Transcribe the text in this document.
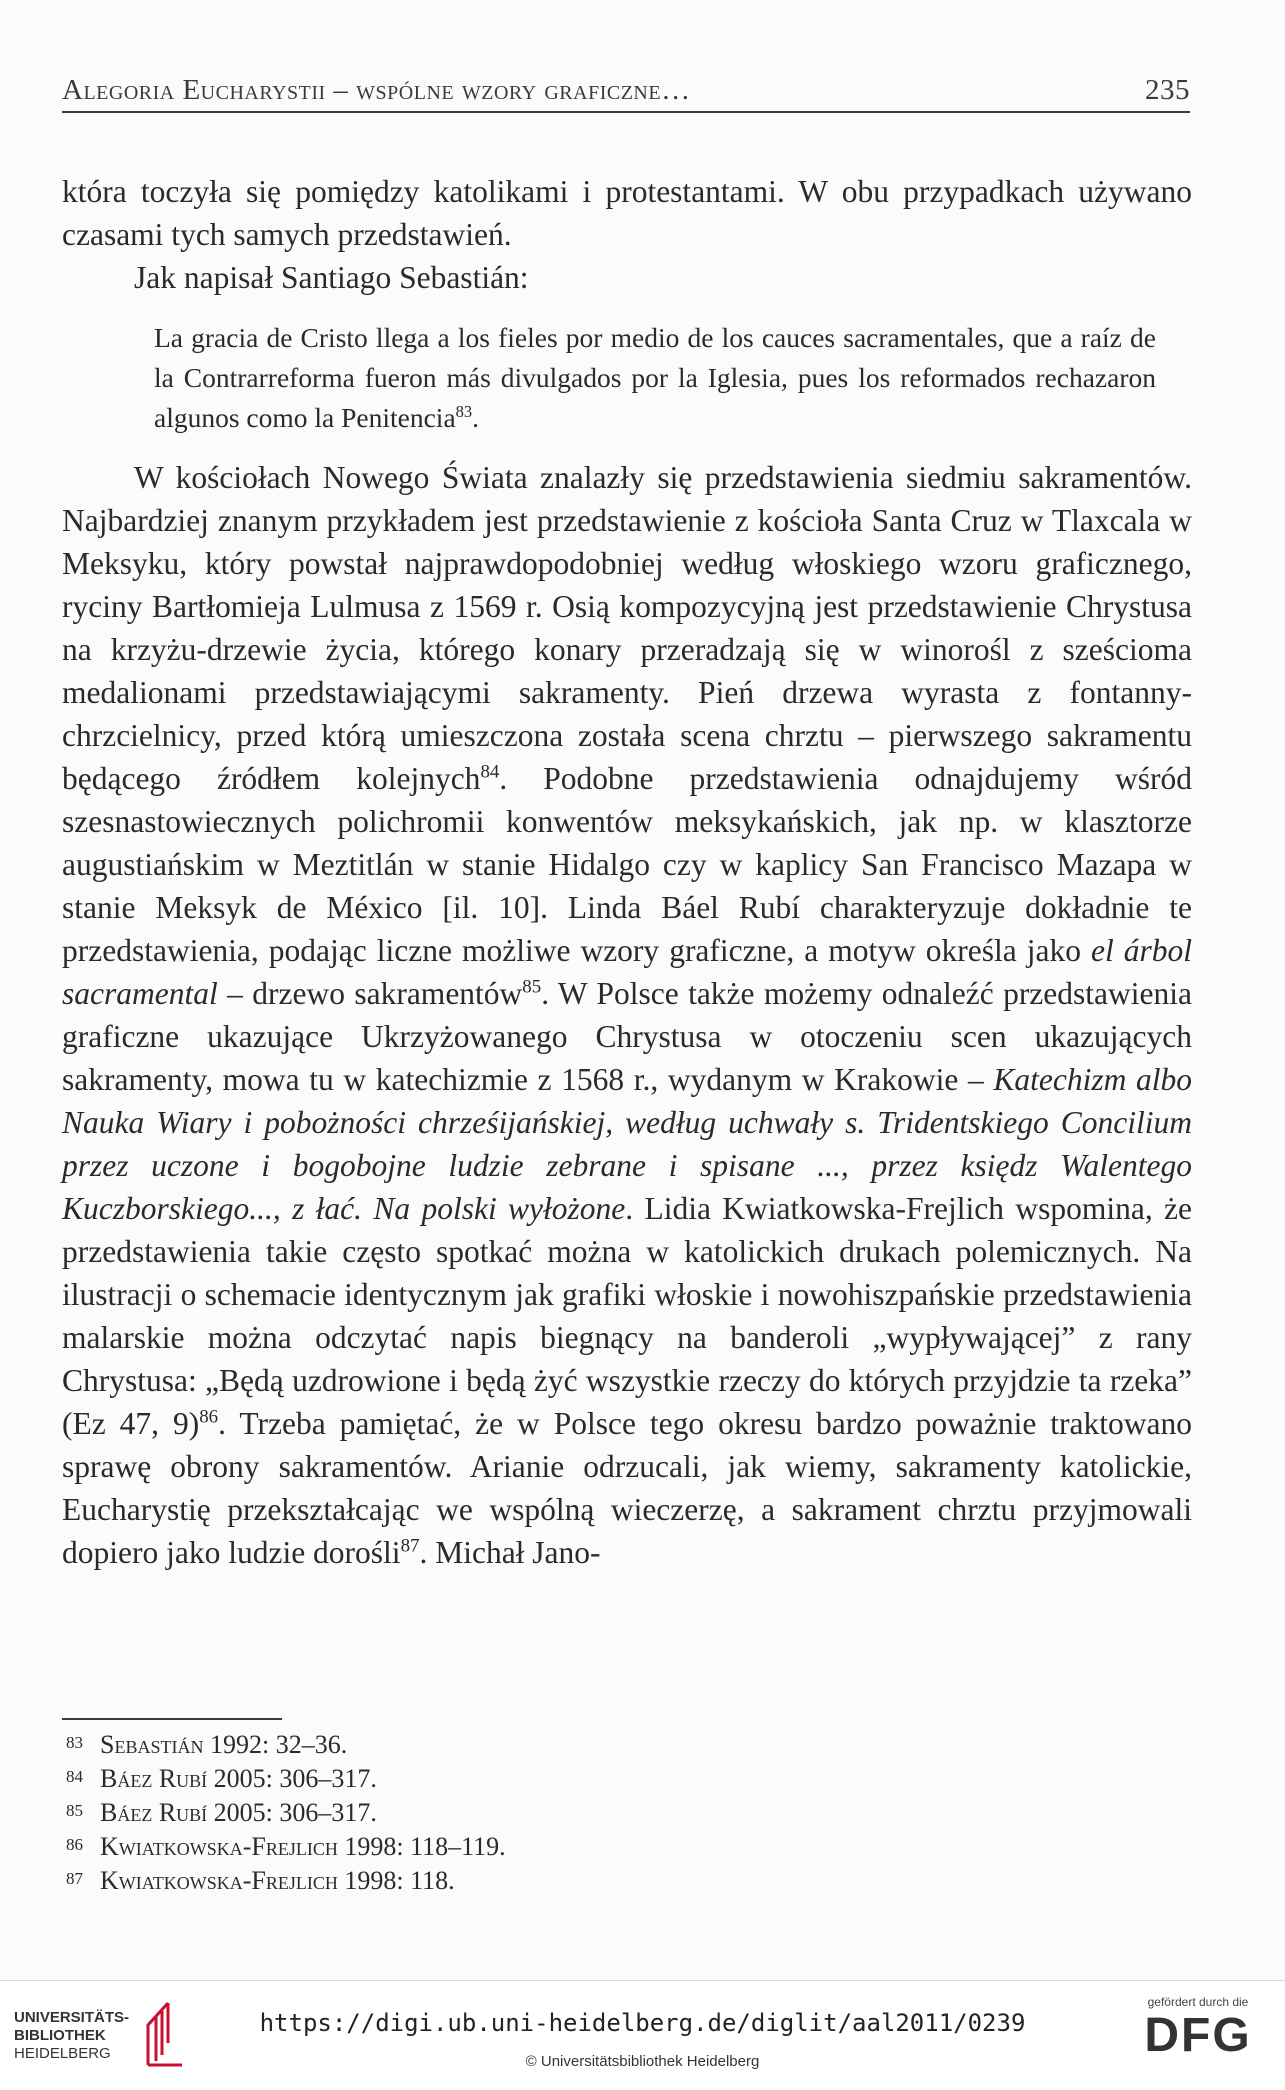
Alegoria Eucharystii – wspólne wzory graficzne…	235

która toczyła się pomiędzy katolikami i protestantami. W obu przypadkach używano czasami tych samych przedstawień.

Jak napisał Santiago Sebastián:

La gracia de Cristo llega a los fieles por medio de los cauces sacramentales, que a raíz de la Contrarreforma fueron más divulgados por la Iglesia, pues los reformados rechazaron algunos como la Penitencia$^{83}$.

W kościołach Nowego Świata znalazły się przedstawienia siedmiu sakramentów. Najbardziej znanym przykładem jest przedstawienie z kościoła Santa Cruz w Tlaxcala w Meksyku, który powstał najprawdopodobniej według włoskiego wzoru graficznego, ryciny Bartłomieja Lulmusa z 1569 r. Osią kompozycyjną jest przedstawienie Chrystusa na krzyżu-drzewie życia, którego konary przeradzają się w winorośl z sześcioma medalionami przedstawiającymi sakramenty. Pień drzewa wyrasta z fontanny-chrzcielnicy, przed którą umieszczona została scena chrztu – pierwszego sakramentu będącego źródłem kolejnych$^{84}$. Podobne przedstawienia odnajdujemy wśród szesnastowiecznych polichromii konwentów meksykańskich, jak np. w klasztorze augustiańskim w Meztitlán w stanie Hidalgo czy w kaplicy San Francisco Mazapa w stanie Meksyk de México [il. 10]. Linda Báel Rubí charakteryzuje dokładnie te przedstawienia, podając liczne możliwe wzory graficzne, a motyw określa jako el árbol sacramental – drzewo sakramentów$^{85}$. W Polsce także możemy odnaleźć przedstawienia graficzne ukazujące Ukrzyżowanego Chrystusa w otoczeniu scen ukazujących sakramenty, mowa tu w katechizmie z 1568 r., wydanym w Krakowie – Katechizm albo Nauka Wiary i pobożności chrześijańskiej, według uchwały s. Tridentskiego Concilium przez uczone i bogobojne ludzie zebrane i spisane ..., przez księdz Walentego Kuczborskiego..., z łać. Na polski wyłożone. Lidia Kwiatkowska-Frejlich wspomina, że przedstawienia takie często spotkać można w katolickich drukach polemicznych. Na ilustracji o schemacie identycznym jak grafiki włoskie i nowohiszpańskie przedstawienia malarskie można odczytać napis biegnący na banderoli „wypływającej” z rany Chrystusa: „Będą uzdrowione i będą żyć wszystkie rzeczy do których przyjdzie ta rzeka” (Ez 47, 9)$^{86}$. Trzeba pamiętać, że w Polsce tego okresu bardzo poważnie traktowano sprawę obrony sakramentów. Arianie odrzucali, jak wiemy, sakramenty katolickie, Eucharystię przekształcając we wspólną wieczerzę, a sakrament chrztu przyjmowali dopiero jako ludzie dorośli$^{87}$. Michał Jano-

83 Sebastián 1992: 32–36.
84 Báez Rubí 2005: 306–317.
85 Báez Rubí 2005: 306–317.
86 Kwiatkowska-Frejlich 1998: 118–119.
87 Kwiatkowska-Frejlich 1998: 118.
UNIVERSITÄTS-
BIBLIOTHEK
HEIDELBERG
https://digi.ub.uni-heidelberg.de/diglit/aal2011/0239
© Universitätsbibliothek Heidelberg
gefördert durch die
DFG
